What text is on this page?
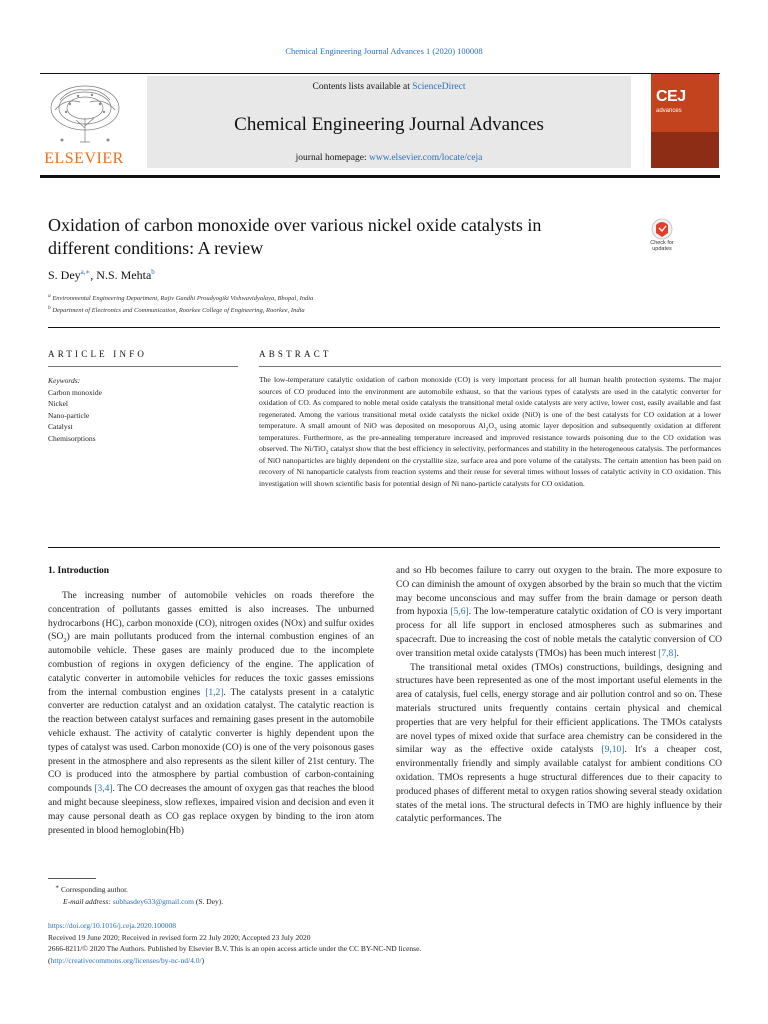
Chemical Engineering Journal Advances 1 (2020) 100008
ELSEVIER
Contents lists available at ScienceDirect
Chemical Engineering Journal Advances
journal homepage: www.elsevier.com/locate/ceja
CEJ
advances
Oxidation of carbon monoxide over various nickel oxide catalysts in
different conditions: A review	Check for
updates
S. Dey$^{a,∗}$, N.S. Mehta$^b$
$^a$ Environmental Engineering Department, Rajiv Gandhi Proudyogiki Vishwavidyalaya, Bhopal, India
$^b$ Department of Electronics and Communication, Roorkee College of Engineering, Roorkee, India
ARTICLE INFO	ABSTRACT
Keywords:
Carbon monoxide
Nickel
Nano-particle
Catalyst
Chemisorptions
The low-temperature catalytic oxidation of carbon monoxide (CO) is very important process for all human health protection systems. The major sources of CO produced into the environment are automobile exhaust, so that the various types of catalysts are used in the catalytic converter for oxidation of CO. As compared to noble metal oxide catalysts the transitional metal oxide catalysts are very active, lower cost, easily available and fast regenerated. Among the various transitional metal oxide catalysts the nickel oxide (NiO) is one of the best catalysts for CO oxidation at a lower temperature. A small amount of NiO was deposited on mesoporous $Al_2O_3$ using atomic layer deposition and subsequently oxidation at different temperatures. Furthermore, as the pre-annealing temperature increased and improved resistance towards poisoning due to the CO oxidation was observed. The Ni/TiO$_2$ catalyst show that the best efficiency in selectivity, performances and stability in the heterogeneous catalysis. The performances of NiO nanoparticles are highly dependent on the crystallite size, surface area and pore volume of the catalysts. The certain attention has been paid on recovery of Ni nanoparticle catalysts from reaction systems and their reuse for several times without losses of catalytic activity in CO oxidation. This investigation will shown scientific basis for potential design of Ni nano-particle catalysts for CO oxidation.
1. Introduction

The increasing number of automobile vehicles on roads therefore the concentration of pollutants gasses emitted is also increases. The unburned hydrocarbons (HC), carbon monoxide (CO), nitrogen oxides (NOx) and sulfur oxides $(SO_2)$ are main pollutants produced from the internal combustion engines of an automobile vehicle. These gases are mainly produced due to the incomplete combustion of regions in oxygen deficiency of the engine. The application of catalytic converter in automobile vehicles for reduces the toxic gasses emissions from the internal combustion engines [1,2]. The catalysts present in a catalytic converter are reduction catalyst and an oxidation catalyst. The catalytic reaction is the reaction between catalyst surfaces and remaining gases present in the automobile vehicle exhaust. The activity of catalytic converter is highly dependent upon the types of catalyst was used. Carbon monoxide (CO) is one of the very poisonous gases present in the atmosphere and also represents as the silent killer of 21st century. The CO is produced into the atmosphere by partial combustion of carbon-containing compounds [3,4]. The CO decreases the amount of oxygen gas that reaches the blood and might because sleepiness, slow reflexes, impaired vision and decision and even it may cause personal death as CO gas replace oxygen by binding to the iron atom presented in blood hemoglobin(Hb)

and so Hb becomes failure to carry out oxygen to the brain. The more exposure to CO can diminish the amount of oxygen absorbed by the brain so much that the victim may become unconscious and may suffer from the brain damage or person death from hypoxia [5,6]. The low-temperature catalytic oxidation of CO is very important process for all life support in enclosed atmospheres such as submarines and spacecraft. Due to increasing the cost of noble metals the catalytic conversion of CO over transition metal oxide catalysts (TMOs) has been much interest [7,8].

The transitional metal oxides (TMOs) constructions, buildings, designing and structures have been represented as one of the most important useful elements in the area of catalysis, fuel cells, energy storage and air pollution control and so on. These materials structured units frequently contains certain physical and chemical properties that are very helpful for their efficient applications. The TMOs catalysts are novel types of mixed oxide that surface area chemistry can be considered in the similar way as the effective oxide catalysts [9,10]. It's a cheaper cost, environmentally friendly and simply available catalyst for ambient conditions CO oxidation. TMOs represents a huge structural differences due to their capacity to produced phases of different metal to oxygen ratios showing several steady oxidation states of the metal ions. The structural defects in TMO are highly influence by their catalytic performances. The

∗ Corresponding author.
E-mail address: subhasdey633@gmail.com (S. Dey).
https://doi.org/10.1016/j.ceja.2020.100008
Received 19 June 2020; Received in revised form 22 July 2020; Accepted 23 July 2020
2666-8211/© 2020 The Authors. Published by Elsevier B.V. This is an open access article under the CC BY-NC-ND license.
(http://creativecommons.org/licenses/by-nc-nd/4.0/)
